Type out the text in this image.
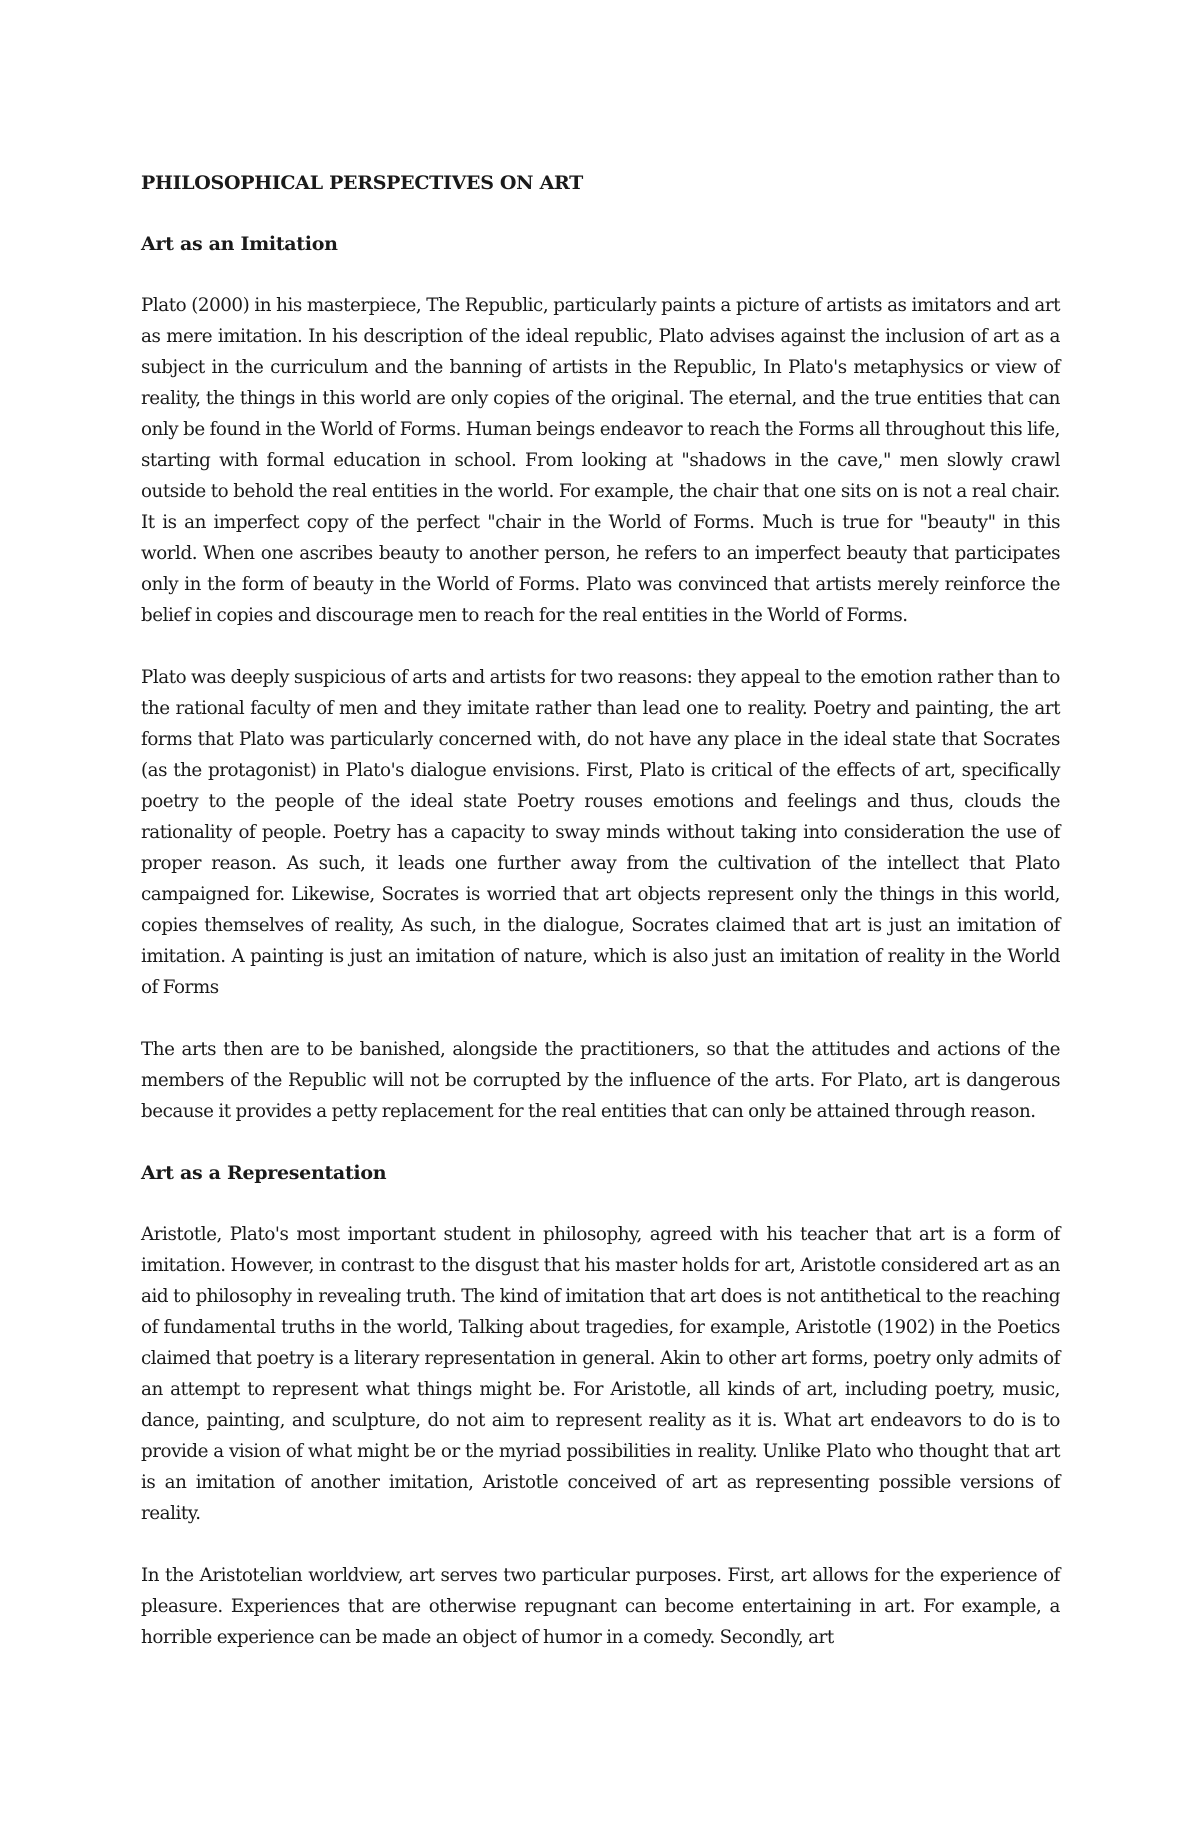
PHILOSOPHICAL PERSPECTIVES ON ART
Art as an Imitation

Plato (2000) in his masterpiece, The Republic, particularly paints a picture of artists as imitators and art as mere imitation. In his description of the ideal republic, Plato advises against the inclusion of art as a subject in the curriculum and the banning of artists in the Republic, In Plato's metaphysics or view of reality, the things in this world are only copies of the original. The eternal, and the true entities that can only be found in the World of Forms. Human beings endeavor to reach the Forms all throughout this life, starting with formal education in school. From looking at "shadows in the cave," men slowly crawl outside to behold the real entities in the world. For example, the chair that one sits on is not a real chair. It is an imperfect copy of the perfect "chair in the World of Forms. Much is true for "beauty" in this world. When one ascribes beauty to another person, he refers to an imperfect beauty that participates only in the form of beauty in the World of Forms. Plato was convinced that artists merely reinforce the belief in copies and discourage men to reach for the real entities in the World of Forms.

Plato was deeply suspicious of arts and artists for two reasons: they appeal to the emotion rather than to the rational faculty of men and they imitate rather than lead one to reality. Poetry and painting, the art forms that Plato was particularly concerned with, do not have any place in the ideal state that Socrates (as the protagonist) in Plato's dialogue envisions. First, Plato is critical of the effects of art, specifically poetry to the people of the ideal state Poetry rouses emotions and feelings and thus, clouds the rationality of people. Poetry has a capacity to sway minds without taking into consideration the use of proper reason. As such, it leads one further away from the cultivation of the intellect that Plato campaigned for. Likewise, Socrates is worried that art objects represent only the things in this world, copies themselves of reality, As such, in the dialogue, Socrates claimed that art is just an imitation of imitation. A painting is just an imitation of nature, which is also just an imitation of reality in the World of Forms

The arts then are to be banished, alongside the practitioners, so that the attitudes and actions of the members of the Republic will not be corrupted by the influence of the arts. For Plato, art is dangerous because it provides a petty replacement for the real entities that can only be attained through reason.

Art as a Representation

Aristotle, Plato's most important student in philosophy, agreed with his teacher that art is a form of imitation. However, in contrast to the disgust that his master holds for art, Aristotle considered art as an aid to philosophy in revealing truth. The kind of imitation that art does is not antithetical to the reaching of fundamental truths in the world, Talking about tragedies, for example, Aristotle (1902) in the Poetics claimed that poetry is a literary representation in general. Akin to other art forms, poetry only admits of an attempt to represent what things might be. For Aristotle, all kinds of art, including poetry, music, dance, painting, and sculpture, do not aim to represent reality as it is. What art endeavors to do is to provide a vision of what might be or the myriad possibilities in reality. Unlike Plato who thought that art is an imitation of another imitation, Aristotle conceived of art as representing possible versions of reality.

In the Aristotelian worldview, art serves two particular purposes. First, art allows for the experience of pleasure. Experiences that are otherwise repugnant can become entertaining in art. For example, a horrible experience can be made an object of humor in a comedy. Secondly, art
